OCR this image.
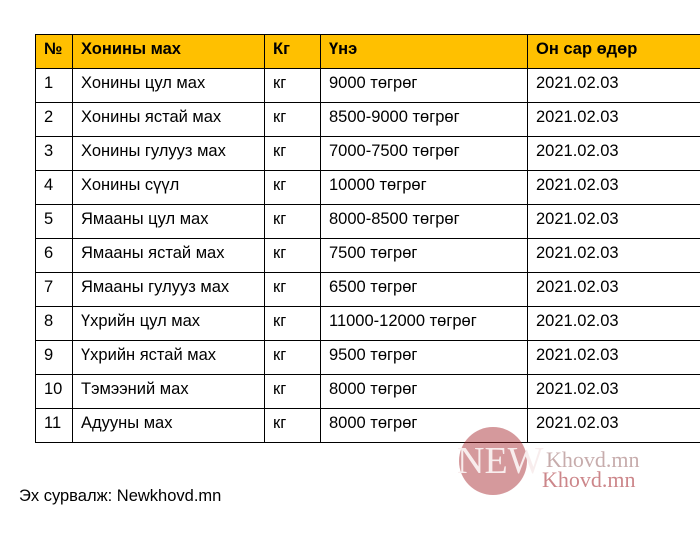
№	Хонины мах	Кг	Үнэ	Он сар өдөр
1	Хонины цул мах	кг	9000 төгрөг	2021.02.03
2	Хонины ястай мах	кг	8500-9000 төгрөг	2021.02.03
3	Хонины гулууз мах	кг	7000-7500 төгрөг	2021.02.03
4	Хонины сүүл	кг	10000 төгрөг	2021.02.03
5	Ямааны цул мах	кг	8000-8500 төгрөг	2021.02.03
6	Ямааны ястай мах	кг	7500 төгрөг	2021.02.03
7	Ямааны гулууз мах	кг	6500 төгрөг	2021.02.03
8	Үхрийн цул мах	кг	11000-12000 төгрөг	2021.02.03
9	Үхрийн ястай мах	кг	9500 төгрөг	2021.02.03
10	Тэмээний мах	кг	8000 төгрөг	2021.02.03
11	Адууны мах	кг	8000 төгрөг	2021.02.03
Эх сурвалж: Newkhovd.mn
NEW Khovd.mn
Khovd.mn
